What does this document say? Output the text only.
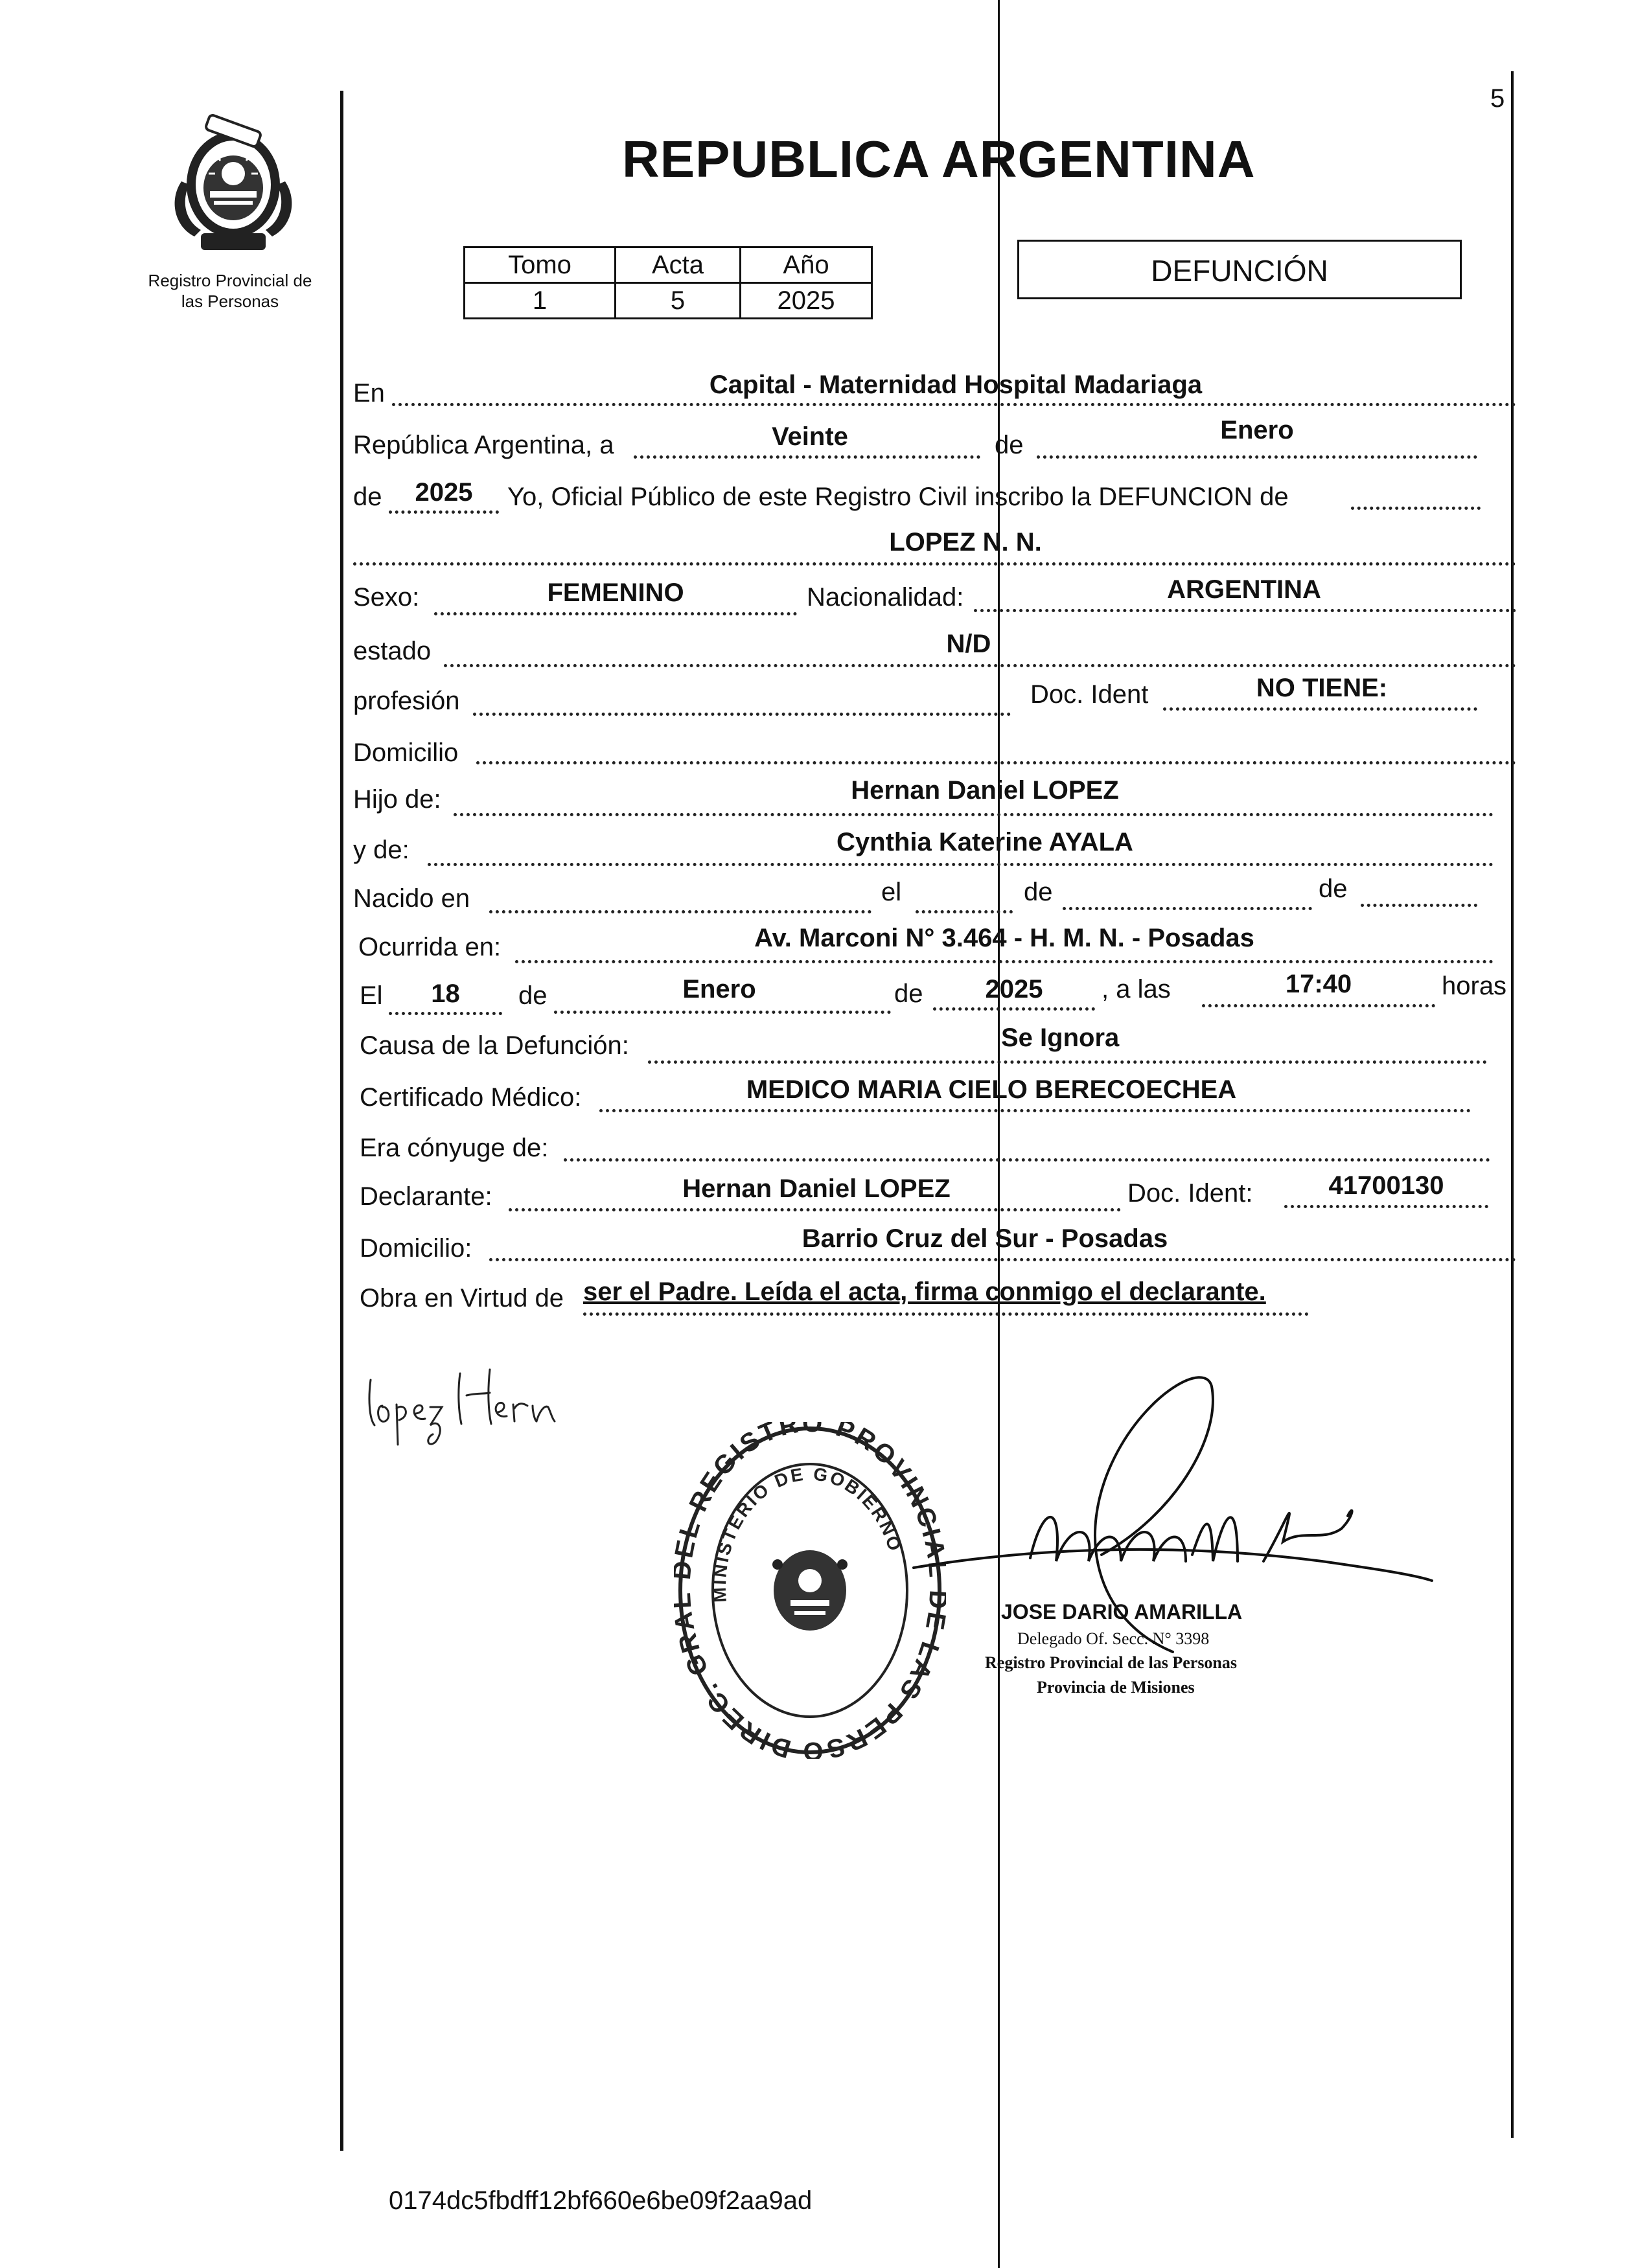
Registro Provincial de
las Personas
5
REPUBLICA ARGENTINA
Tomo	Acta	Año
1	5	2025
DEFUNCIÓN
En	Capital - Maternidad Hospital Madariaga
República Argentina, a	Veinte	de
Enero
de	2025	Yo, Oficial Público de este Registro Civil inscribo la DEFUNCION de
LOPEZ N. N.
Sexo:	FEMENINO	Nacionalidad:	ARGENTINA
estado	N/D
profesión	Doc. Ident	NO TIENE:
Domicilio
Hijo de:	Hernan Daniel LOPEZ
y de:	Cynthia Katerine AYALA
Nacido en	el	de	de
Ocurrida en:	Av. Marconi N° 3.464 - H. M. N. - Posadas
El	18	de	Enero	de	2025	, a las	17:40	horas
Causa de la Defunción:	Se Ignora
Certificado Médico:	MEDICO MARIA CIELO BERECOECHEA
Era cónyuge de:
Declarante:	Hernan Daniel LOPEZ	Doc. Ident:	41700130
Domicilio:	Barrio Cruz del Sur - Posadas
Obra en Virtud de ser el Padre. Leída el acta, firma conmigo el declarante.
DIREC. GR L REGISTRO PROVINCI LAS PERSO
MINISTERIO DE GOBIERNO
JOSE DARIO AMARILLA
Delegado Of. Secc. N° 3398
Registro Provincial de las Personas
Provincia de Misiones
0174dc5fbdff12bf660e6be09f2aa9ad
